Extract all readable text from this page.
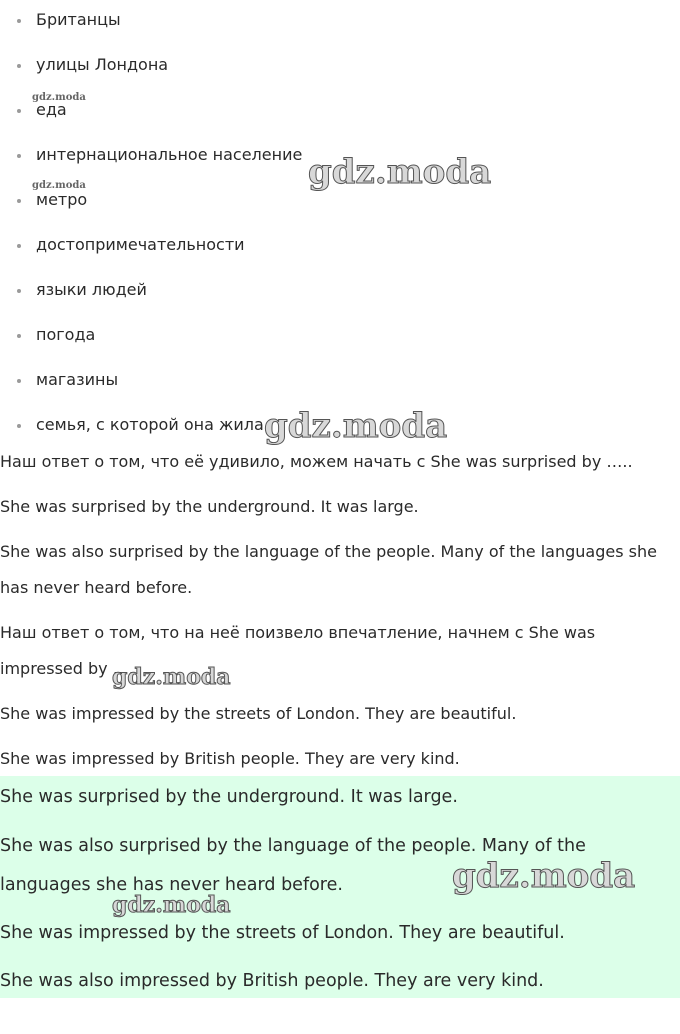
Британцы
улицы Лондона
еда
интернациональное население
метро
достопримечательности
языки людей
погода
магазины
семья, с которой она жила

Наш ответ о том, что её удивило, можем начать с She was surprised by …..

She was surprised by the underground. It was large.

She was also surprised by the language of the people. Many of the languages she has never heard before.

Наш ответ о том, что на неё поизвело впечатление, начнем с She was impressed by ….

She was impressed by the streets of London. They are beautiful.

She was impressed by British people. They are very kind.

She was surprised by the underground. It was large.

She was also surprised by the language of the people. Many of the languages she has never heard before.

She was impressed by the streets of London. They are beautiful.

She was also impressed by British people. They are very kind.

gdz.moda
gdz.moda	gdz.moda
gdz.moda
gdz.moda
gdz.moda
gdz.moda
